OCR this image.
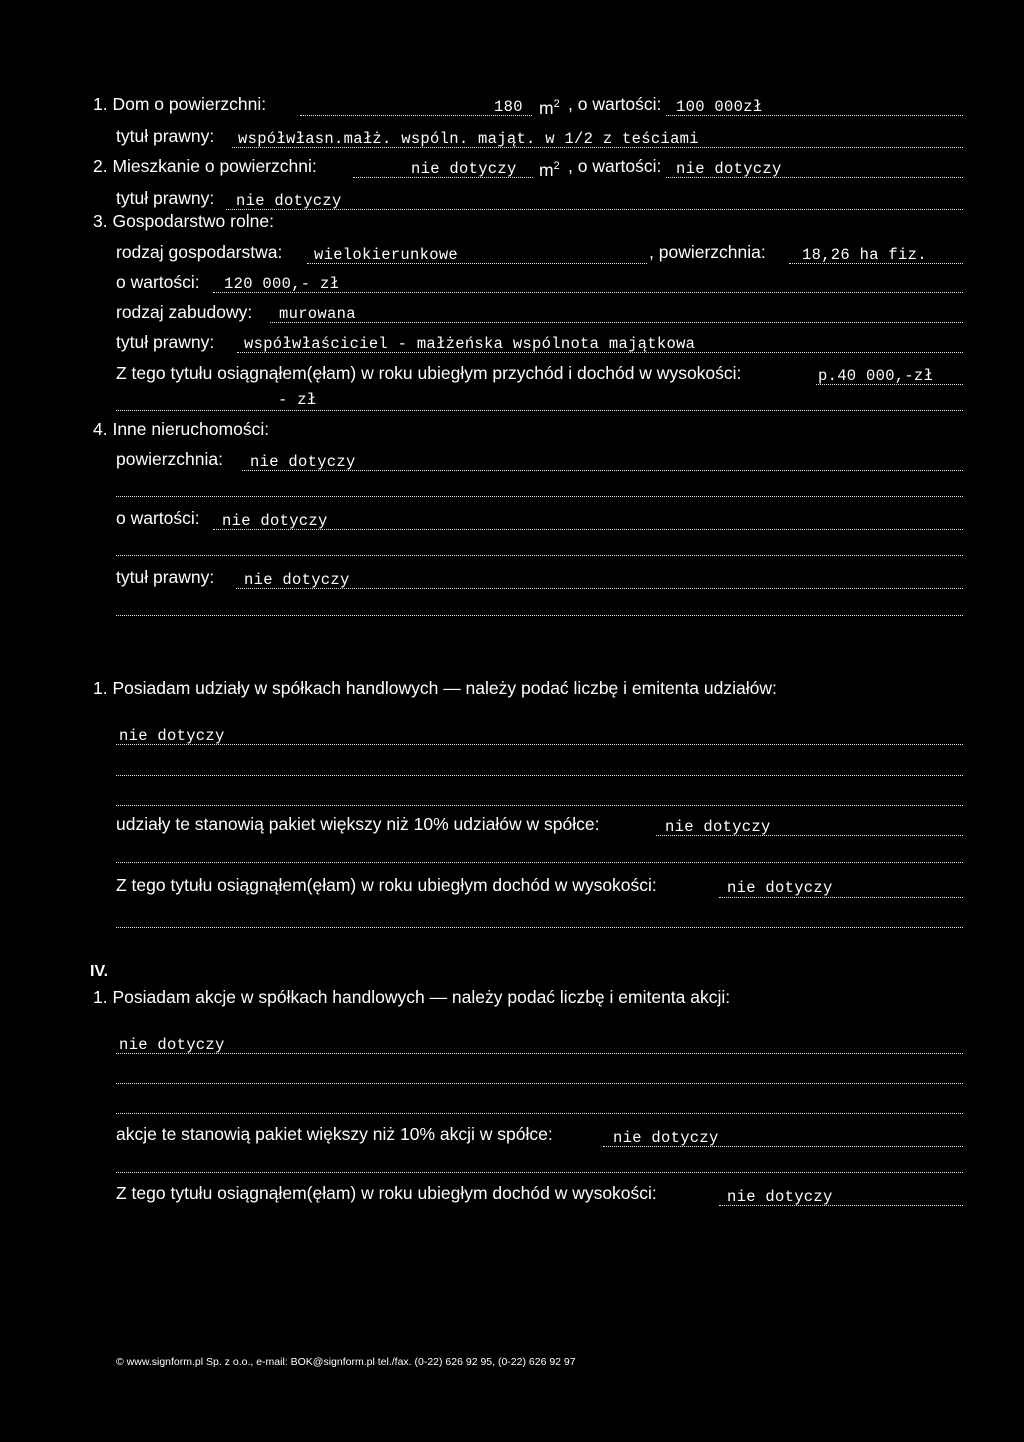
1. Dom o powierzchni:	180 $m^2$ , o wartości: 100 000zł
tytuł prawny: współwłasn.małż. wspóln. mająt. w 1/2 z teściami
2. Mieszkanie o powierzchni:	nie dotyczy $m^2$ , o wartości: nie dotyczy
tytuł prawny: nie dotyczy
3. Gospodarstwo rolne:
rodzaj gospodarstwa: wielokierunkowe	, powierzchnia: 18,26 ha fiz.
o wartości: 120 000,- zł
rodzaj zabudowy: murowana
tytuł prawny: współwłaściciel - małżeńska wspólnota majątkowa
Z tego tytułu osiągnąłem(ęłam) w roku ubiegłym przychód i dochód w wysokości:	p.40 000,-zł
- zł
4. Inne nieruchomości:
powierzchnia: nie dotyczy
o wartości: nie dotyczy
tytuł prawny: nie dotyczy
1. Posiadam udziały w spółkach handlowych — należy podać liczbę i emitenta udziałów:
nie dotyczy
udziały te stanowią pakiet większy niż 10% udziałów w spółce:	nie dotyczy
Z tego tytułu osiągnąłem(ęłam) w roku ubiegłym dochód w wysokości:	nie dotyczy
IV.
1. Posiadam akcje w spółkach handlowych — należy podać liczbę i emitenta akcji:
nie dotyczy
akcje te stanowią pakiet większy niż 10% akcji w spółce:	nie dotyczy
Z tego tytułu osiągnąłem(ęłam) w roku ubiegłym dochód w wysokości:	nie dotyczy
© www.signform.pl Sp. z o.o., e-mail: BOK@signform.pl tel./fax. (0-22) 626 92 95, (0-22) 626 92 97
